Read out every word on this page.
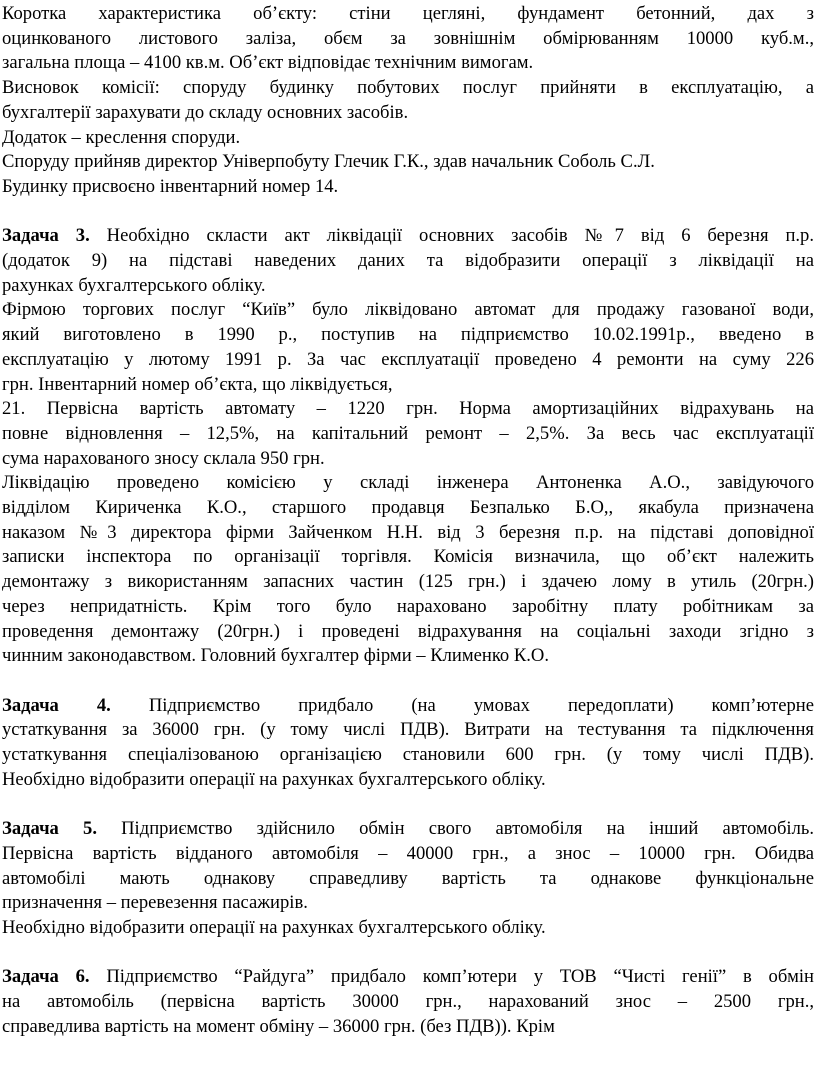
Коротка характеристика об’єкту: стіни цегляні, фундамент бетонний, дах з
оцинкованого листового заліза, обєм за зовнішнім обмірюванням 10000 куб.м.,
загальна площа – 4100 кв.м. Об’єкт відповідає технічним вимогам.
Висновок комісії: споруду будинку побутових послуг прийняти в експлуатацію, а
бухгалтерії зарахувати до складу основних засобів.
Додаток – креслення споруди.
Споруду прийняв директор Універпобуту Глечик Г.К., здав начальник Соболь С.Л.
Будинку присвоєно інвентарний номер 14.
Задача 3. Необхідно скласти акт ліквідації основних засобів №7 від 6 березня п.р.
(додаток 9) на підставі наведених даних та відобразити операції з ліквідації на
рахунках бухгалтерського обліку.
Фірмою торгових послуг “Київ” було ліквідовано автомат для продажу газованої води,
який виготовлено в 1990 р., поступив на підприємство 10.02.1991р., введено в
експлуатацію у лютому 1991 р. За час експлуатації проведено 4 ремонти на суму 226
грн. Інвентарний номер об’єкта, що ліквідується,
21. Первісна вартість автомату – 1220 грн. Норма амортизаційних відрахувань на
повне відновлення – 12,5%, на капітальний ремонт – 2,5%. За весь час експлуатації
сума нарахованого зносу склала 950 грн.
Ліквідацію проведено комісією у складі інженера Антоненка А.О., завідуючого
відділом Кириченка К.О., старшого продавця Безпалько Б.О,, якабула призначена
наказом №3 директора фірми Зайченком Н.Н. від 3 березня п.р. на підставі доповідної
записки інспектора по організації торгівля. Комісія визначила, що об’єкт належить
демонтажу з використанням запасних частин (125 грн.) і здачею лому в утиль (20грн.)
через непридатність. Крім того було нараховано заробітну плату робітникам за
проведення демонтажу (20грн.) і проведені відрахування на соціальні заходи згідно з
чинним законодавством. Головний бухгалтер фірми – Клименко К.О.
Задача 4. Підприємство придбало (на умовах передоплати) комп’ютерне
устаткування за 36000 грн. (у тому числі ПДВ). Витрати на тестування та підключення
устаткування спеціалізованою організацією становили 600 грн. (у тому числі ПДВ).
Необхідно відобразити операції на рахунках бухгалтерського обліку.
Задача 5. Підприємство здійснило обмін свого автомобіля на інший автомобіль.
Первісна вартість відданого автомобіля – 40000 грн., а знос – 10000 грн. Обидва
автомобілі мають однакову справедливу вартість та однакове функціональне
призначення – перевезення пасажирів.
Необхідно відобразити операції на рахунках бухгалтерського обліку.
Задача 6. Підприємство “Райдуга” придбало комп’ютери у ТОВ “Чисті генії” в обмін
на автомобіль (первісна вартість 30000 грн., нарахований знос – 2500 грн.,
справедлива вартість на момент обміну – 36000 грн. (без ПДВ)). Крім
